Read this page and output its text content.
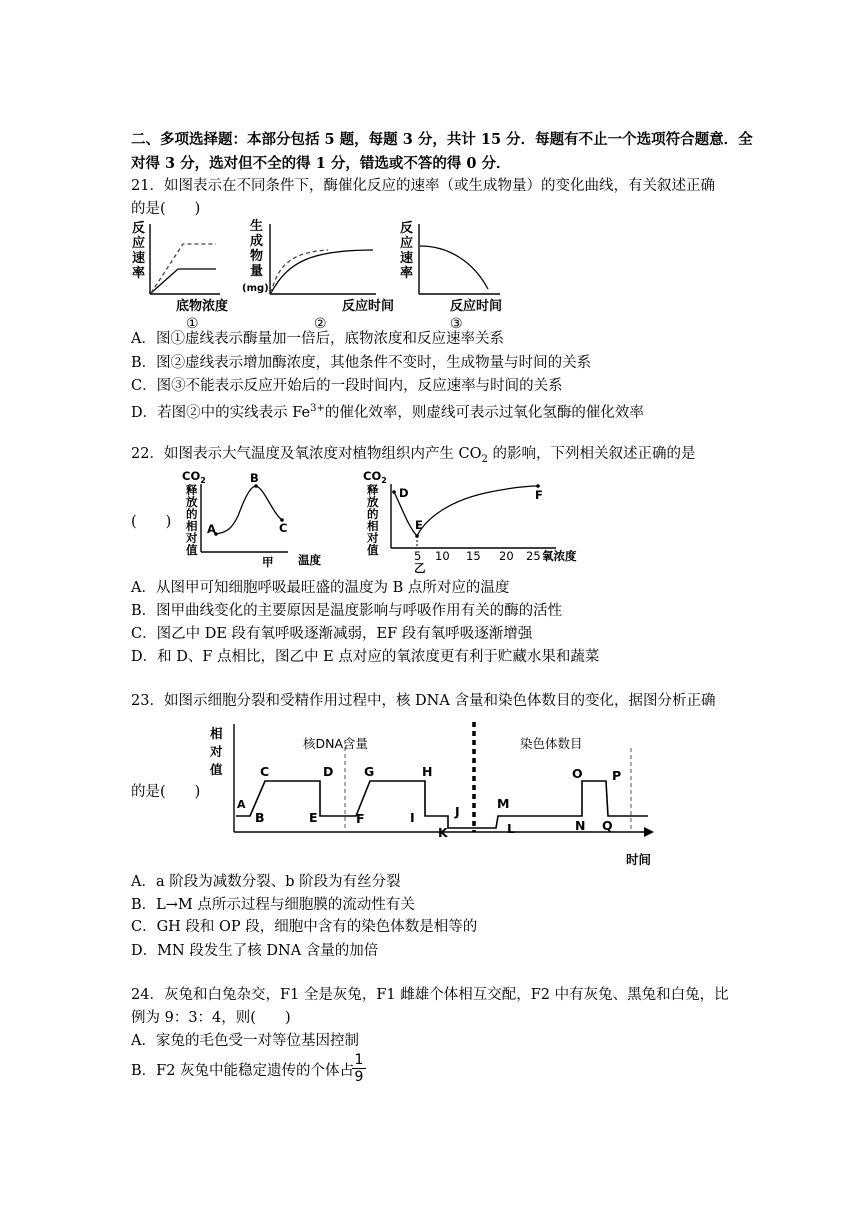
二、多项选择题：本部分包括 5 题，每题 3 分，共计 15 分．每题有不止一个选项符合题意．全
对得 3 分，选对但不全的得 1 分，错选或不答的得 0 分．
21．如图表示在不同条件下，酶催化反应的速率（或生成物量）的变化曲线，有关叙述正确
的是(　　)
反
应
速
率
底物浓度
①
生
成
物
量
(mg)
反应时间
②
反
应
速
率
反应时间
③
A．图①虚线表示酶量加一倍后，底物浓度和反应速率关系
B．图②虚线表示增加酶浓度，其他条件不变时，生成物量与时间的关系
C．图③不能表示反应开始后的一段时间内，反应速率与时间的关系
D．若图②中的实线表示 $Fe^{3+}$的催化效率，则虚线可表示过氧化氢酶的催化效率
22．如图表示大气温度及氧浓度对植物组织内产生 $CO_2$ 的影响，下列相关叙述正确的是
(　　)
$CO_2$
释
放
的
相
对
值
A
B
C
温度
甲
$CO_2$
释
放
的
相
对
值
D
E
F
5 10 15 20 25 氧浓度
乙
A．从图甲可知细胞呼吸最旺盛的温度为 B 点所对应的温度
B．图甲曲线变化的主要原因是温度影响与呼吸作用有关的酶的活性
C．图乙中 DE 段有氧呼吸逐渐减弱，EF 段有氧呼吸逐渐增强
D．和 D、F 点相比，图乙中 E 点对应的氧浓度更有利于贮藏水果和蔬菜
23．如图示细胞分裂和受精作用过程中，核 DNA 含量和染色体数目的变化，据图分析正确
的是(　　)
相
对
值
时间
核DNA含量	染色体数目
A
B
C	D
E	F
G	H
I	J
K	L
M
N
O P
Q
A．a 阶段为减数分裂、b 阶段为有丝分裂
B．L→M 点所示过程与细胞膜的流动性有关
C．GH 段和 OP 段，细胞中含有的染色体数是相等的
D．MN 段发生了核 DNA 含量的加倍
24．灰兔和白兔杂交，F1 全是灰兔，F1 雌雄个体相互交配，F2 中有灰兔、黑兔和白兔，比
例为 9：3：4，则(　　)
A．家兔的毛色受一对等位基因控制
B．F2 灰兔中能稳定遗传的个体占
$\frac{1}{9}$
